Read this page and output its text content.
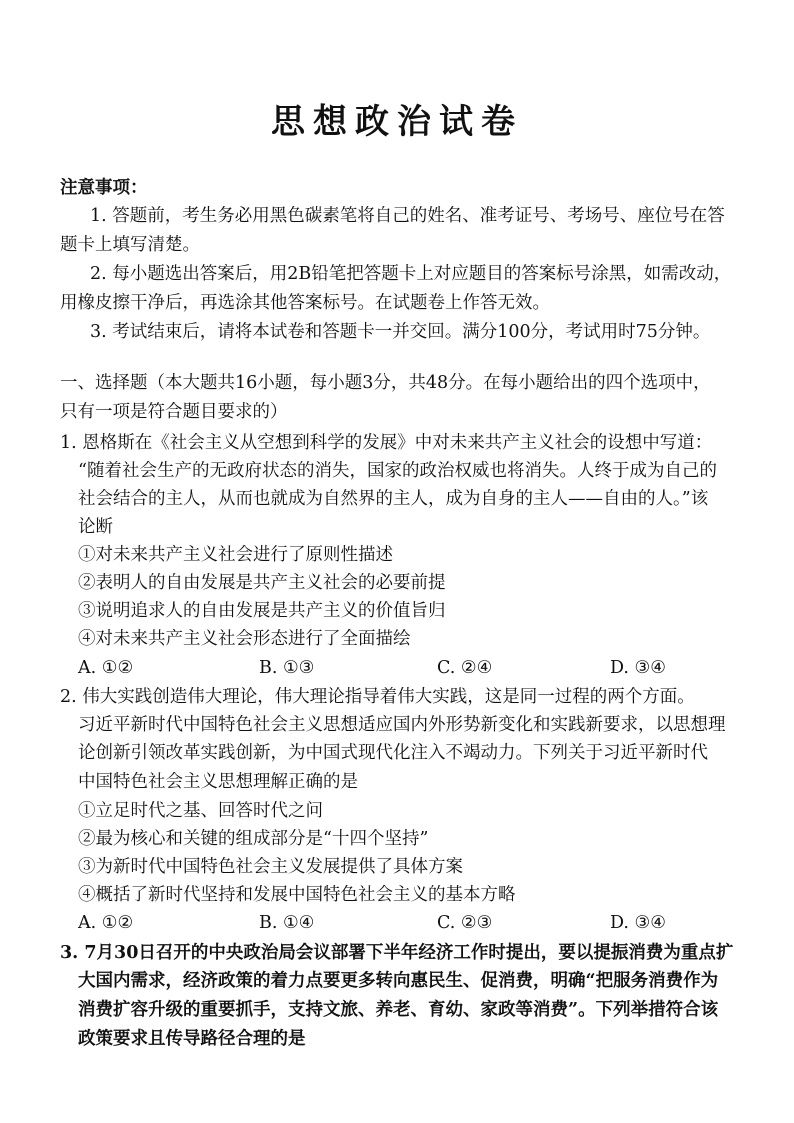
思想政治试卷
注意事项：
1. 答题前，考生务必用黑色碳素笔将自己的姓名、准考证号、考场号、座位号在答
题卡上填写清楚。
2. 每小题选出答案后，用2B铅笔把答题卡上对应题目的答案标号涂黑，如需改动，
用橡皮擦干净后，再选涂其他答案标号。在试题卷上作答无效。
3. 考试结束后，请将本试卷和答题卡一并交回。满分100分，考试用时75分钟。
一、选择题（本大题共16小题，每小题3分，共48分。在每小题给出的四个选项中，
只有一项是符合题目要求的）
1. 恩格斯在《社会主义从空想到科学的发展》中对未来共产主义社会的设想中写道：
“随着社会生产的无政府状态的消失，国家的政治权威也将消失。人终于成为自己的
社会结合的主人，从而也就成为自然界的主人，成为自身的主人——自由的人。”该
论断
①对未来共产主义社会进行了原则性描述
②表明人的自由发展是共产主义社会的必要前提
③说明追求人的自由发展是共产主义的价值旨归
④对未来共产主义社会形态进行了全面描绘
A. ①②	B. ①③	C. ②④	D. ③④
2. 伟大实践创造伟大理论，伟大理论指导着伟大实践，这是同一过程的两个方面。
习近平新时代中国特色社会主义思想适应国内外形势新变化和实践新要求，以思想理
论创新引领改革实践创新，为中国式现代化注入不竭动力。下列关于习近平新时代
中国特色社会主义思想理解正确的是
①立足时代之基、回答时代之问
②最为核心和关键的组成部分是“十四个坚持”
③为新时代中国特色社会主义发展提供了具体方案
④概括了新时代坚持和发展中国特色社会主义的基本方略
A. ①②	B. ①④	C. ②③	D. ③④
3. 7月30日召开的中央政治局会议部署下半年经济工作时提出，要以提振消费为重点扩
大国内需求，经济政策的着力点要更多转向惠民生、促消费，明确“把服务消费作为
消费扩容升级的重要抓手，支持文旅、养老、育幼、家政等消费”。下列举措符合该
政策要求且传导路径合理的是
